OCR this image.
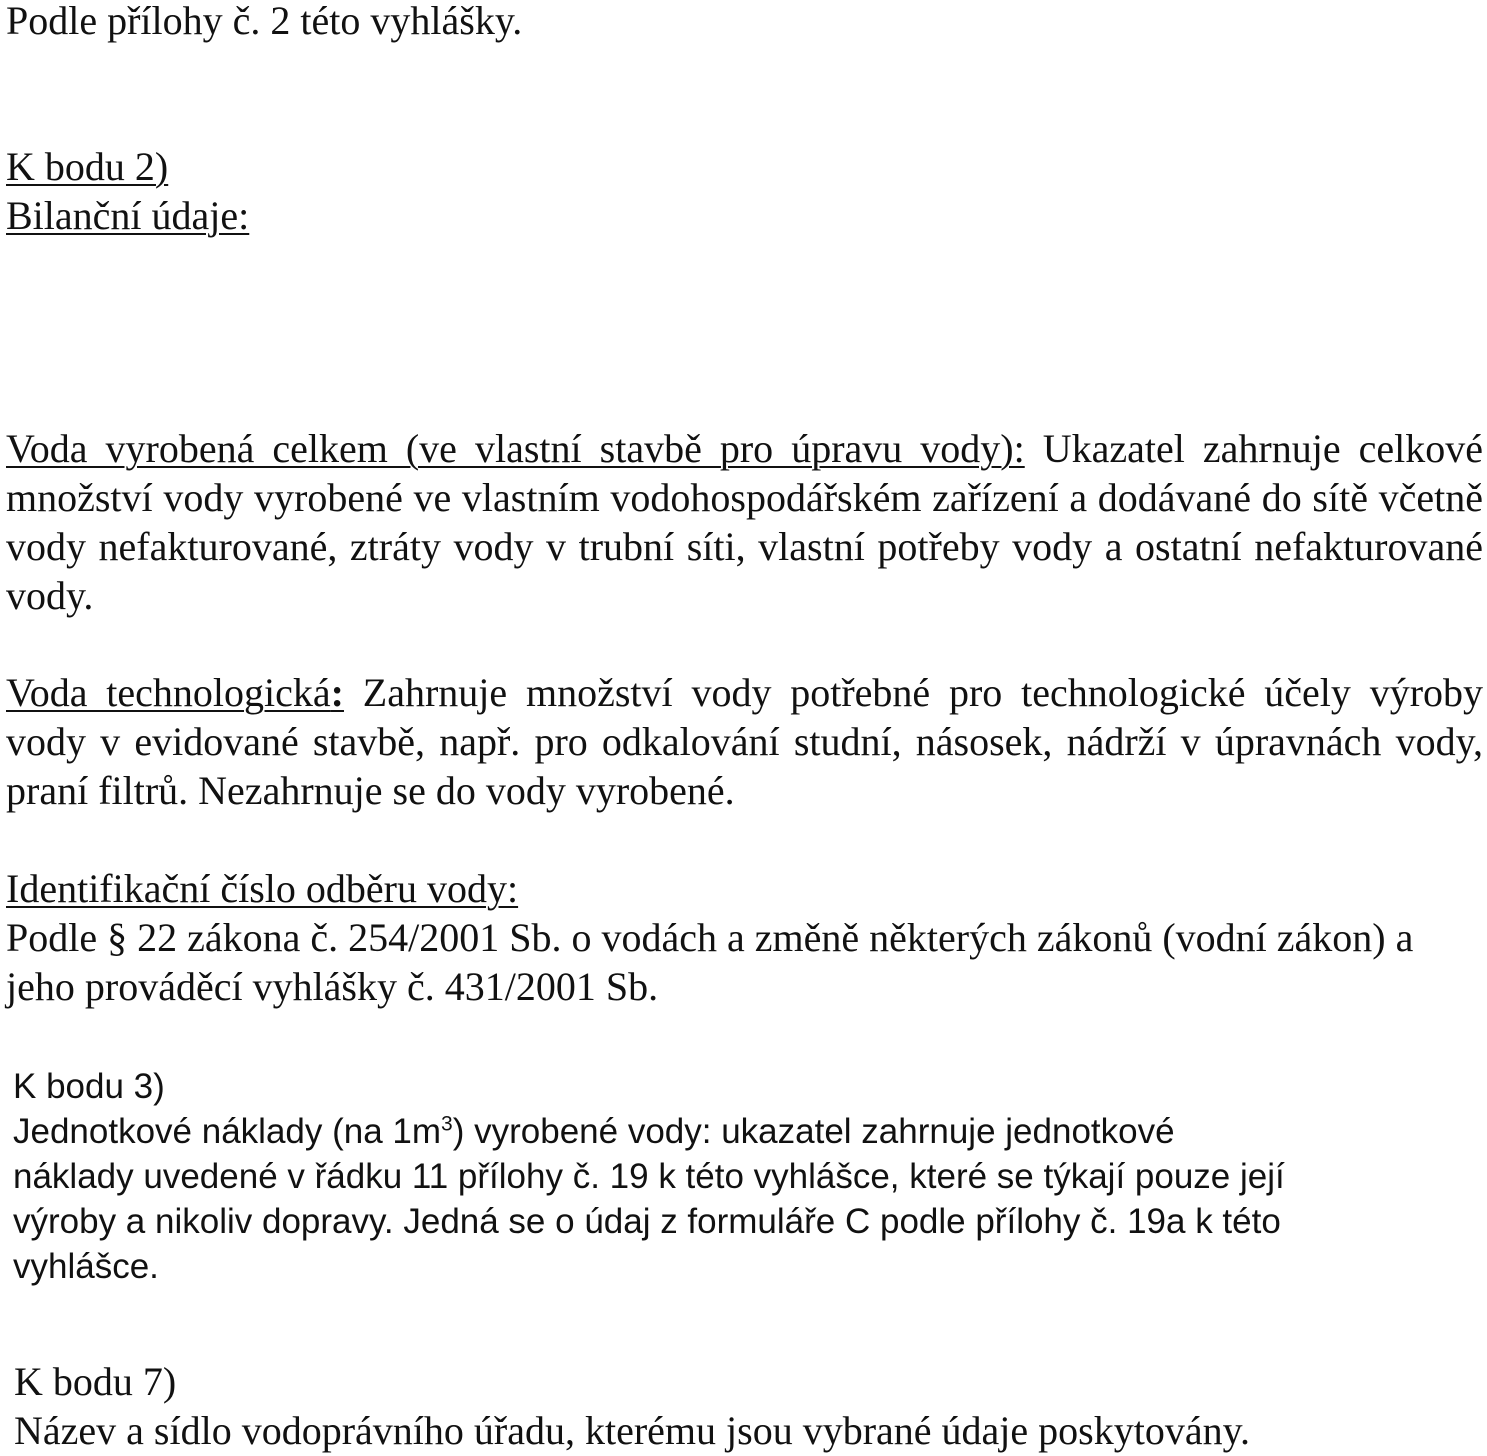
Podle přílohy č. 2 této vyhlášky.

K bodu 2)

Bilanční údaje:

Voda vyrobená celkem (ve vlastní stavbě pro úpravu vody): Ukazatel zahrnuje celkové množství vody vyrobené ve vlastním vodohospodářském zařízení a dodávané do sítě včetně vody nefakturované, ztráty vody v trubní síti, vlastní potřeby vody a ostatní nefakturované vody.

Voda technologická: Zahrnuje množství vody potřebné pro technologické účely výroby vody v evidované stavbě, např. pro odkalování studní, násosek, nádrží v úpravnách vody, praní filtrů. Nezahrnuje se do vody vyrobené.

Identifikační číslo odběru vody:

Podle § 22 zákona č. 254/2001 Sb. o vodách a změně některých zákonů (vodní zákon) a jeho prováděcí vyhlášky č. 431/2001 Sb.

K bodu 3)
Jednotkové náklady (na $1m^3$) vyrobené vody: ukazatel zahrnuje jednotkové
náklady uvedené v řádku 11 přílohy č. 19 k této vyhlášce, které se týkají pouze její
výroby a nikoliv dopravy. Jedná se o údaj z formuláře C podle přílohy č. 19a k této
vyhlášce.

K bodu 7)

Název a sídlo vodoprávního úřadu, kterému jsou vybrané údaje poskytovány.
